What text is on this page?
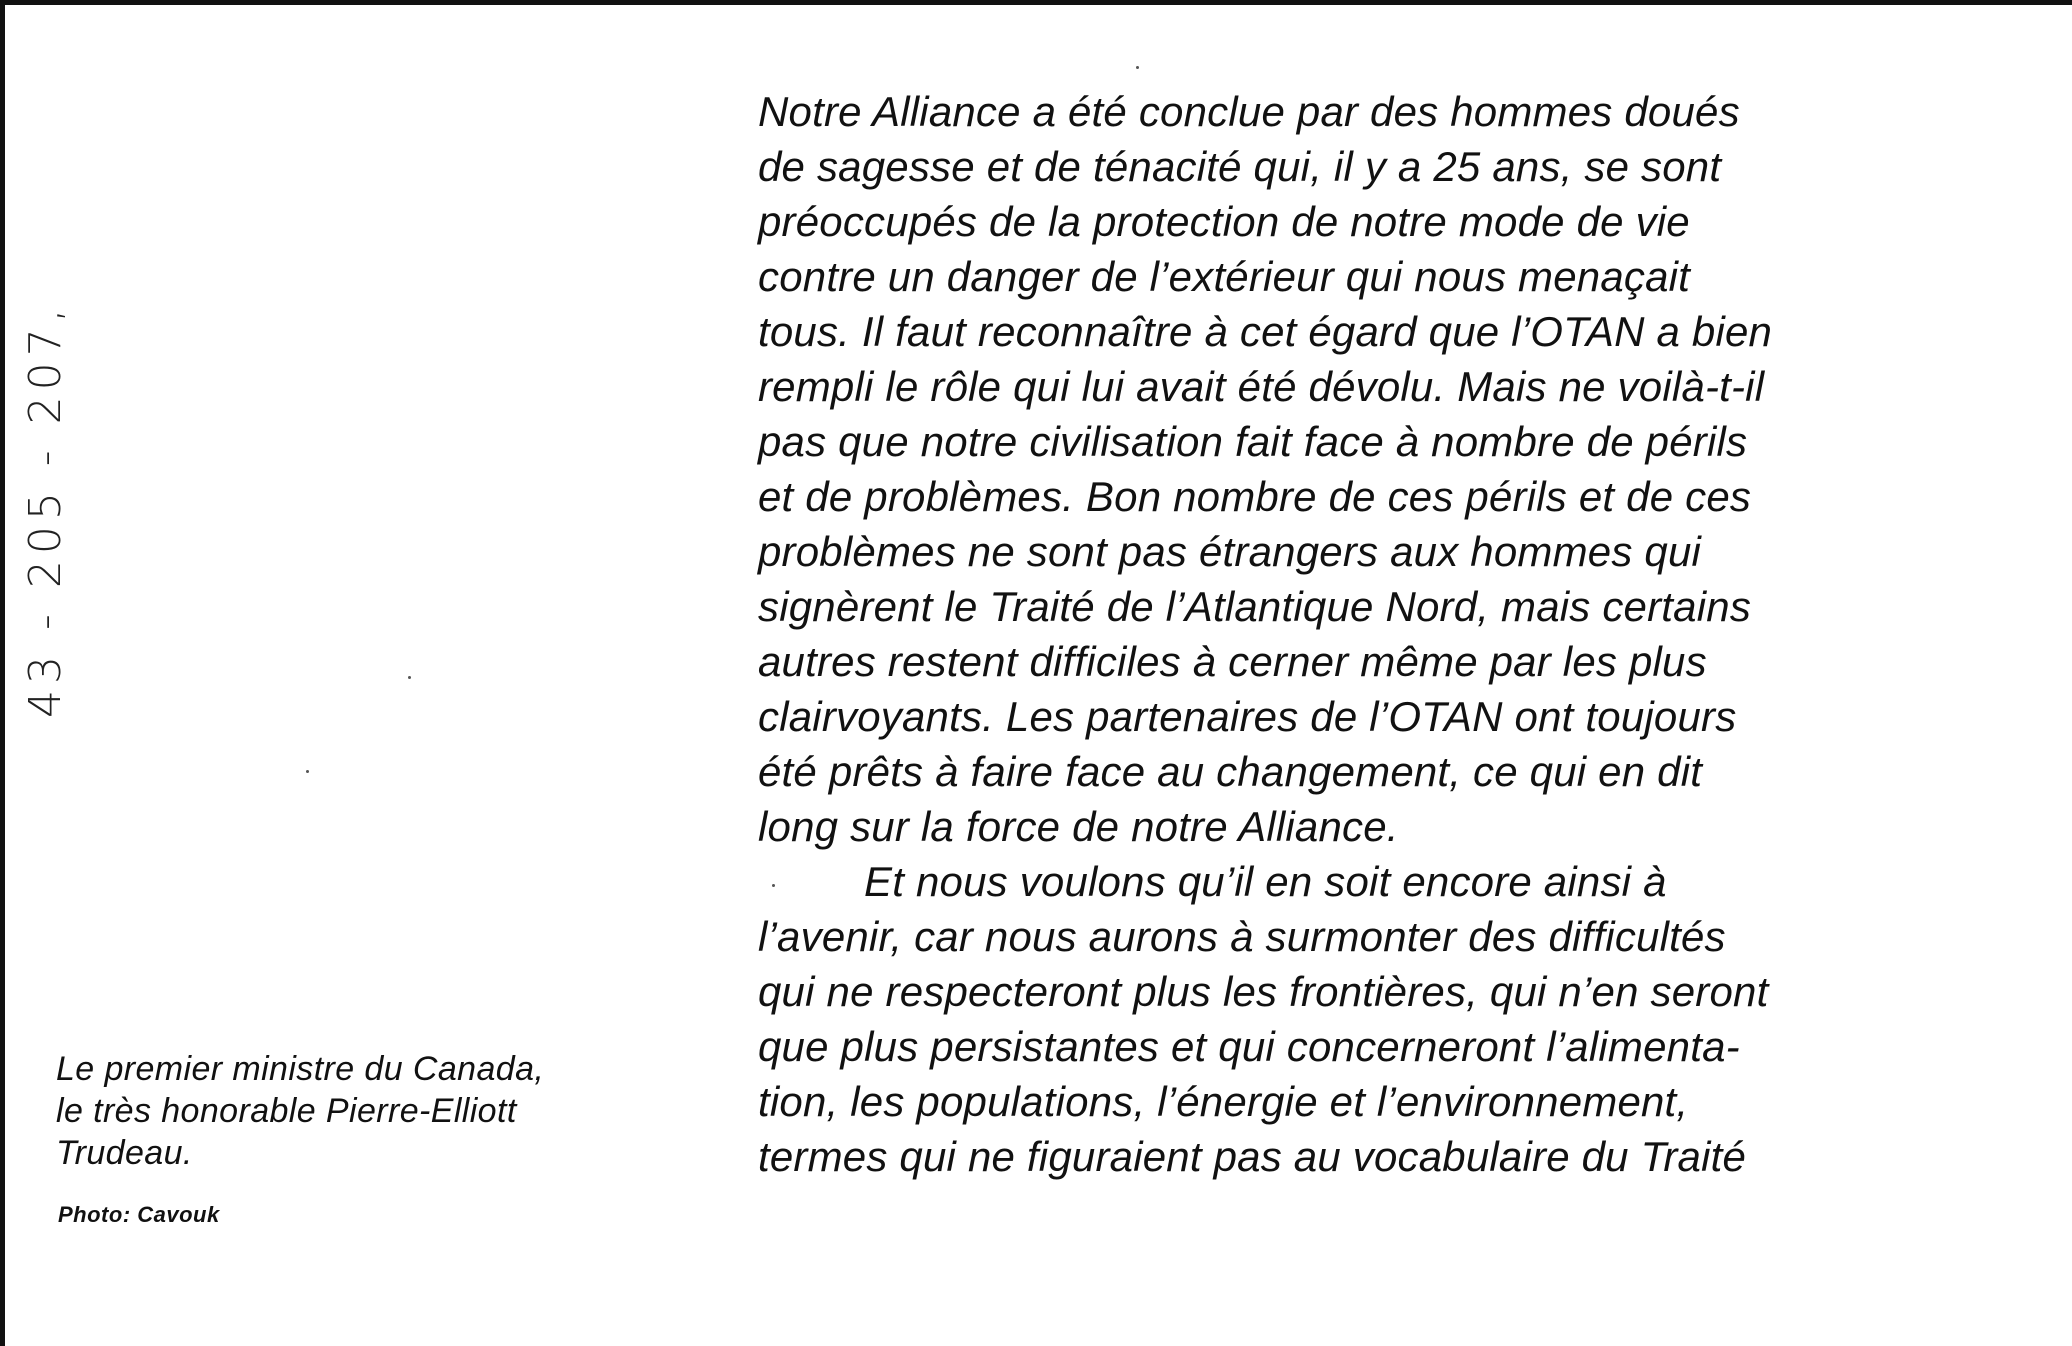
43 - 205 - 207,
Le premier ministre du Canada,
le très honorable Pierre-Elliott
Trudeau.
Photo: Cavouk
Notre Alliance a été conclue par des hommes doués
de sagesse et de ténacité qui, il y a 25 ans, se sont
préoccupés de la protection de notre mode de vie
contre un danger de l’extérieur qui nous menaçait
tous. Il faut reconnaître à cet égard que l’OTAN a bien
rempli le rôle qui lui avait été dévolu. Mais ne voilà-t-il
pas que notre civilisation fait face à nombre de périls
et de problèmes. Bon nombre de ces périls et de ces
problèmes ne sont pas étrangers aux hommes qui
signèrent le Traité de l’Atlantique Nord, mais certains
autres restent difficiles à cerner même par les plus
clairvoyants. Les partenaires de l’OTAN ont toujours
été prêts à faire face au changement, ce qui en dit
long sur la force de notre Alliance.
Et nous voulons qu’il en soit encore ainsi à
l’avenir, car nous aurons à surmonter des difficultés
qui ne respecteront plus les frontières, qui n’en seront
que plus persistantes et qui concerneront l’alimenta-
tion, les populations, l’énergie et l’environnement,
termes qui ne figuraient pas au vocabulaire du Traité
